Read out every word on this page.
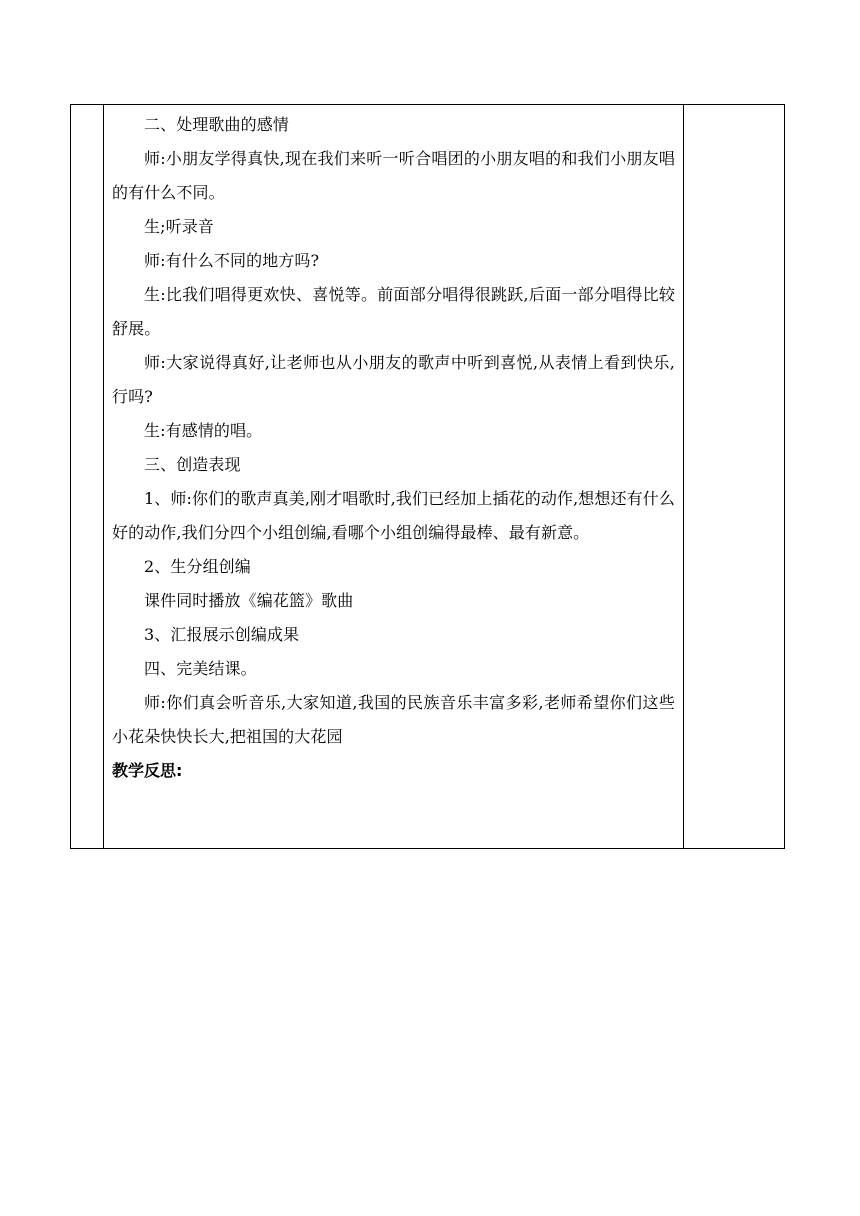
二、处理歌曲的感情

师:小朋友学得真快,现在我们来听一听合唱团的小朋友唱的和我们小朋友唱的有什么不同。

生;听录音

师:有什么不同的地方吗?

生:比我们唱得更欢快、喜悦等。前面部分唱得很跳跃,后面一部分唱得比较舒展。

师:大家说得真好,让老师也从小朋友的歌声中听到喜悦,从表情上看到快乐,行吗?

生:有感情的唱。

三、创造表现

1、师:你们的歌声真美,刚才唱歌时,我们已经加上插花的动作,想想还有什么好的动作,我们分四个小组创编,看哪个小组创编得最棒、最有新意。

2、生分组创编

课件同时播放《编花篮》歌曲

3、汇报展示创编成果

四、完美结课。

师:你们真会听音乐,大家知道,我国的民族音乐丰富多彩,老师希望你们这些小花朵快快长大,把祖国的大花园

教学反思:
